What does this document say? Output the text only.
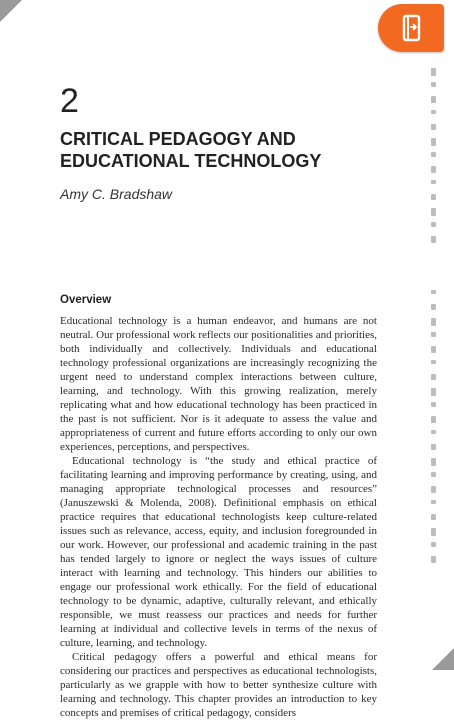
2
CRITICAL PEDAGOGY AND EDUCATIONAL TECHNOLOGY

Amy C. Bradshaw

Overview

Educational technology is a human endeavor, and humans are not neutral. Our professional work reflects our positionalities and priorities, both individually and collectively. Individuals and educational technology professional organizations are increasingly recognizing the urgent need to understand complex interactions between culture, learning, and technology. With this growing realization, merely replicating what and how educational technology has been practiced in the past is not sufficient. Nor is it adequate to assess the value and appropriateness of current and future efforts according to only our own experiences, perceptions, and perspectives.

Educational technology is “the study and ethical practice of facilitating learning and improving performance by creating, using, and managing appropriate technological processes and resources” (Januszewski & Molenda, 2008). Definitional emphasis on ethical practice requires that educational technologists keep culture-related issues such as relevance, access, equity, and inclusion foregrounded in our work. However, our professional and academic training in the past has tended largely to ignore or neglect the ways issues of culture interact with learning and technology. This hinders our abilities to engage our professional work ethically. For the field of educational technology to be dynamic, adaptive, culturally relevant, and ethically responsible, we must reassess our practices and needs for further learning at individual and collective levels in terms of the nexus of culture, learning, and technology.

Critical pedagogy offers a powerful and ethical means for considering our practices and perspectives as educational technologists, particularly as we grapple with how to better synthesize culture with learning and technology. This chapter provides an introduction to key concepts and premises of critical pedagogy, considers
